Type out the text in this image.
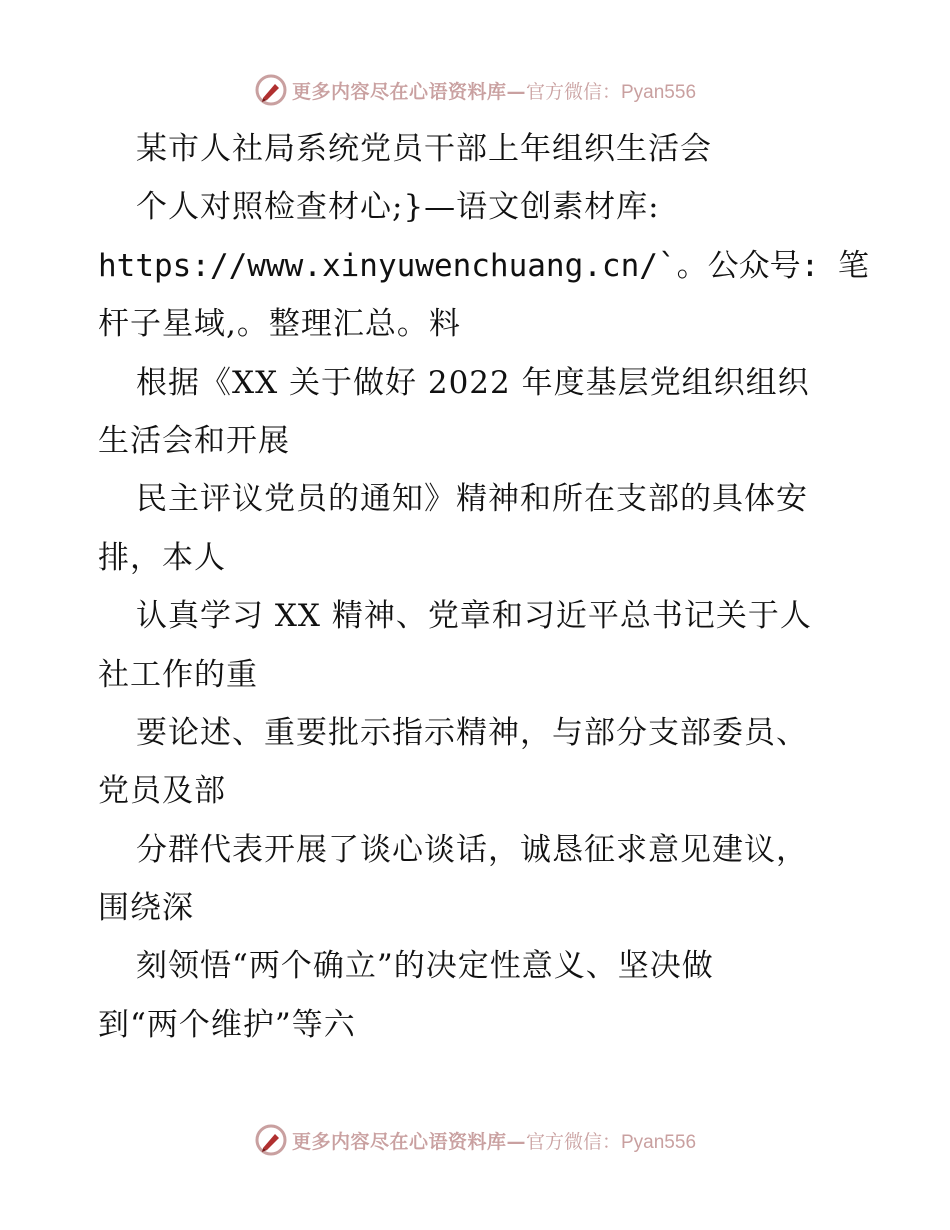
更多内容尽在心语资料库— 官方微信：Pyan556
某市人社局系统党员干部上年组织生活会
个人对照检查材心;}—语文创素材库:
https://www.xinyuwenchuang.cn/`。公众号: 笔
杆子星域,。整理汇总。料
根据《XX 关于做好 2022 年度基层党组织组织
生活会和开展
民主评议党员的通知》精神和所在支部的具体安
排，本人
认真学习 XX 精神、党章和习近平总书记关于人
社工作的重
要论述、重要批示指示精神，与部分支部委员、
党员及部
分群代表开展了谈心谈话，诚恳征求意见建议，
围绕深
刻领悟“两个确立”的决定性意义、坚决做
到“两个维护”等六
更多内容尽在心语资料库— 官方微信：Pyan556
